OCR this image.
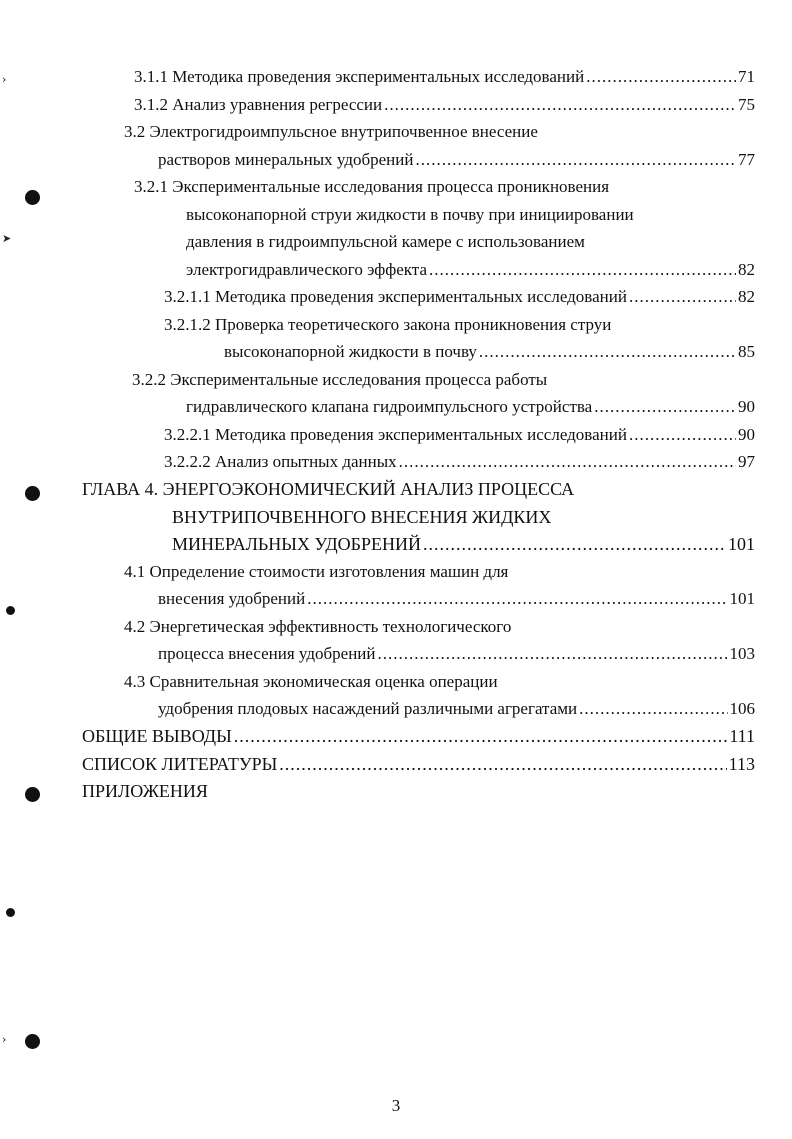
3.1.1 Методика проведения экспериментальных исследований .....	71
3.1.2 Анализ уравнения регрессии .....	75
3.2 Электрогидроимпульсное внутрипочвенное внесение
растворов минеральных удобрений .....	77
3.2.1 Экспериментальные исследования процесса проникновения
высоконапорной струи жидкости в почву при инициировании
давления в гидроимпульсной камере с использованием
электрогидравлического эффекта .....	82
3.2.1.1 Методика проведения экспериментальных исследований .....	82
3.2.1.2 Проверка теоретического закона проникновения струи
высоконапорной жидкости в почву .....	85
3.2.2 Экспериментальные исследования процесса работы
гидравлического клапана гидроимпульсного устройства .....	90
3.2.2.1 Методика проведения экспериментальных исследований .....	90
3.2.2.2 Анализ опытных данных .....	97
ГЛАВА 4. ЭНЕРГОЭКОНОМИЧЕСКИЙ АНАЛИЗ ПРОЦЕССА
ВНУТРИПОЧВЕННОГО ВНЕСЕНИЯ ЖИДКИХ
МИНЕРАЛЬНЫХ УДОБРЕНИЙ .....	101
4.1 Определение стоимости изготовления машин для
внесения удобрений .....	101
4.2 Энергетическая эффективность технологического
процесса внесения удобрений .....	103
4.3 Сравнительная экономическая оценка операции
удобрения плодовых насаждений различными агрегатами .....	106
ОБЩИЕ ВЫВОДЫ .....	111
СПИСОК ЛИТЕРАТУРЫ .....	113
ПРИЛОЖЕНИЯ
3
›
➤
›
